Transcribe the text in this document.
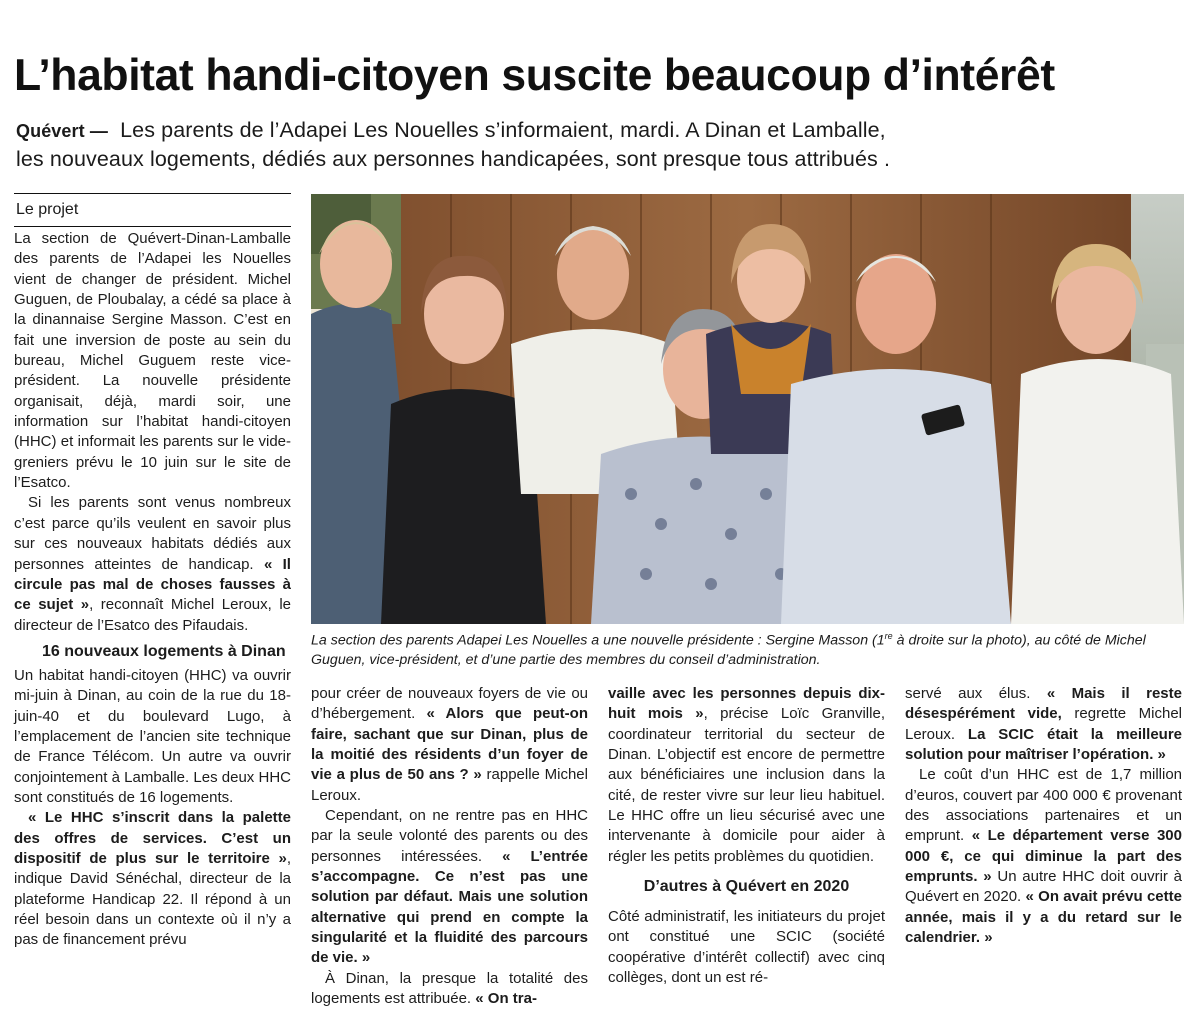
L’habitat handi-citoyen suscite beaucoup d’intérêt

Quévert — Les parents de l’Adapei Les Nouelles s’informaient, mardi. A Dinan et Lamballe,
les nouveaux logements, dédiés aux personnes handicapées, sont presque tous attribués .

Le projet

La section de Quévert-Dinan-Lamballe des parents de l’Adapei les Nouelles vient de changer de président. Michel Guguen, de Ploubalay, a cédé sa place à la dinannaise Sergine Masson. C’est en fait une inversion de poste au sein du bureau, Michel Guguem reste vice-président. La nouvelle présidente organisait, déjà, mardi soir, une information sur l’habitat handi-citoyen (HHC) et informait les parents sur le vide-greniers prévu le 10 juin sur le site de l’Esatco.

Si les parents sont venus nombreux c’est parce qu’ils veulent en savoir plus sur ces nouveaux habitats dédiés aux personnes atteintes de handicap. « Il circule pas mal de choses fausses à ce sujet », reconnaît Michel Leroux, le directeur de l’Esatco des Pifaudais.

16 nouveaux logements à Dinan

Un habitat handi-citoyen (HHC) va ouvrir mi-juin à Dinan, au coin de la rue du 18-juin-40 et du boulevard Lugo, à l’emplacement de l’ancien site technique de France Télécom. Un autre va ouvrir conjointement à Lamballe. Les deux HHC sont constitués de 16 logements.

« Le HHC s’inscrit dans la palette des offres de services. C’est un dispositif de plus sur le territoire », indique David Sénéchal, directeur de la plateforme Handicap 22. Il répond à un réel besoin dans un contexte où il n’y a pas de financement prévu

La section des parents Adapei Les Nouelles a une nouvelle présidente : Sergine Masson (1re à droite sur la photo), au côté de Michel Guguen, vice-président, et d’une partie des membres du conseil d’administration.

pour créer de nouveaux foyers de vie ou d’hébergement. « Alors que peut-on faire, sachant que sur Dinan, plus de la moitié des résidents d’un foyer de vie a plus de 50 ans ? » rappelle Michel Leroux.

Cependant, on ne rentre pas en HHC par la seule volonté des parents ou des personnes intéressées. « L’entrée s’accompagne. Ce n’est pas une solution par défaut. Mais une solution alternative qui prend en compte la singularité et la fluidité des parcours de vie. »

À Dinan, la presque la totalité des logements est attribuée. « On tra-

vaille avec les personnes depuis dix-huit mois », précise Loïc Granville, coordinateur territorial du secteur de Dinan. L’objectif est encore de permettre aux bénéficiaires une inclusion dans la cité, de rester vivre sur leur lieu habituel. Le HHC offre un lieu sécurisé avec une intervenante à domicile pour aider à régler les petits problèmes du quotidien.

D’autres à Quévert en 2020

Côté administratif, les initiateurs du projet ont constitué une SCIC (société coopérative d’intérêt collectif) avec cinq collèges, dont un est ré-

servé aux élus. « Mais il reste désespérément vide, regrette Michel Leroux. La SCIC était la meilleure solution pour maîtriser l’opération. »

Le coût d’un HHC est de 1,7 million d’euros, couvert par 400 000 € provenant des associations partenaires et un emprunt. « Le département verse 300 000 €, ce qui diminue la part des emprunts. » Un autre HHC doit ouvrir à Quévert en 2020. « On avait prévu cette année, mais il y a du retard sur le calendrier. »
